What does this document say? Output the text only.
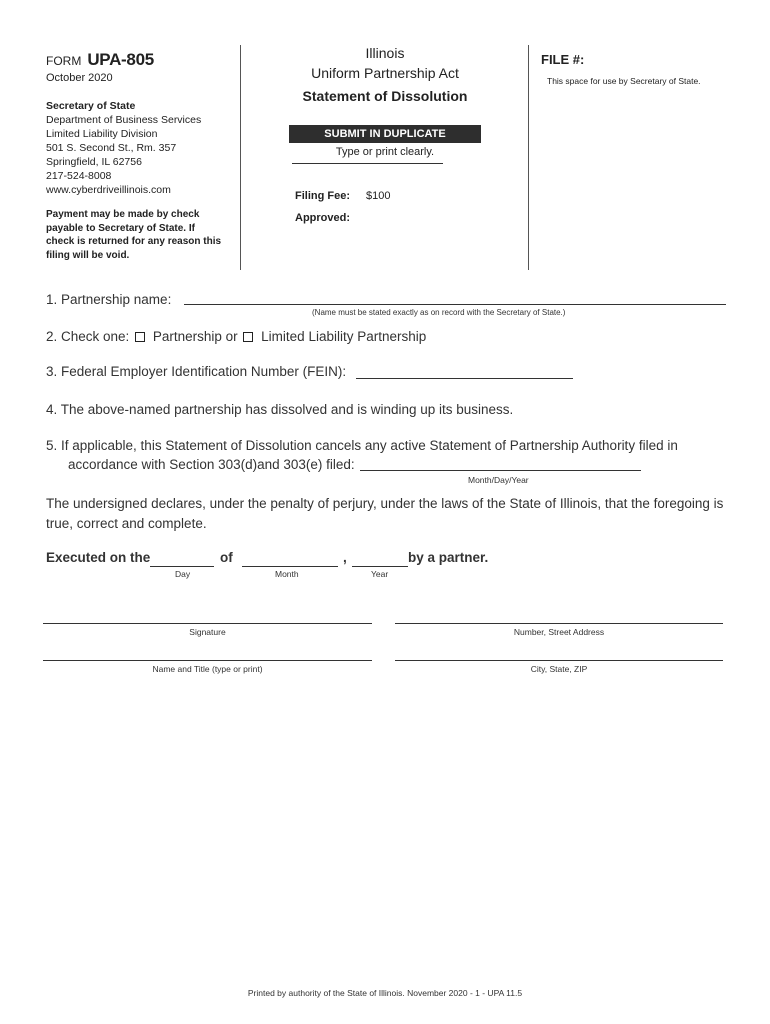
FORM UPA-805
October 2020
Secretary of State
Department of Business Services
Limited Liability Division
501 S. Second St., Rm. 357
Springfield, IL 62756
217-524-8008
www.cyberdriveillinois.com
Payment may be made by check payable to Secretary of State. If check is returned for any reason this filing will be void.
Illinois
Uniform Partnership Act
Statement of Dissolution
SUBMIT IN DUPLICATE
Type or print clearly.
Filing Fee: $100
Approved:
FILE #:
This space for use by Secretary of State.
1. Partnership name:
(Name must be stated exactly as on record with the Secretary of State.)
2. Check one: Partnership or Limited Liability Partnership
3. Federal Employer Identification Number (FEIN):
4. The above-named partnership has dissolved and is winding up its business.
5. If applicable, this Statement of Dissolution cancels any active Statement of Partnership Authority filed in
accordance with Section 303(d)and 303(e) filed:
Month/Day/Year
The undersigned declares, under the penalty of perjury, under the laws of the State of Illinois, that the foregoing is true, correct and complete.
Executed on the	of	,	by a partner.
Day	Month	Year
Signature	Number, Street Address
Name and Title (type or print)	City, State, ZIP
Printed by authority of the State of Illinois. November 2020 - 1 - UPA 11.5
